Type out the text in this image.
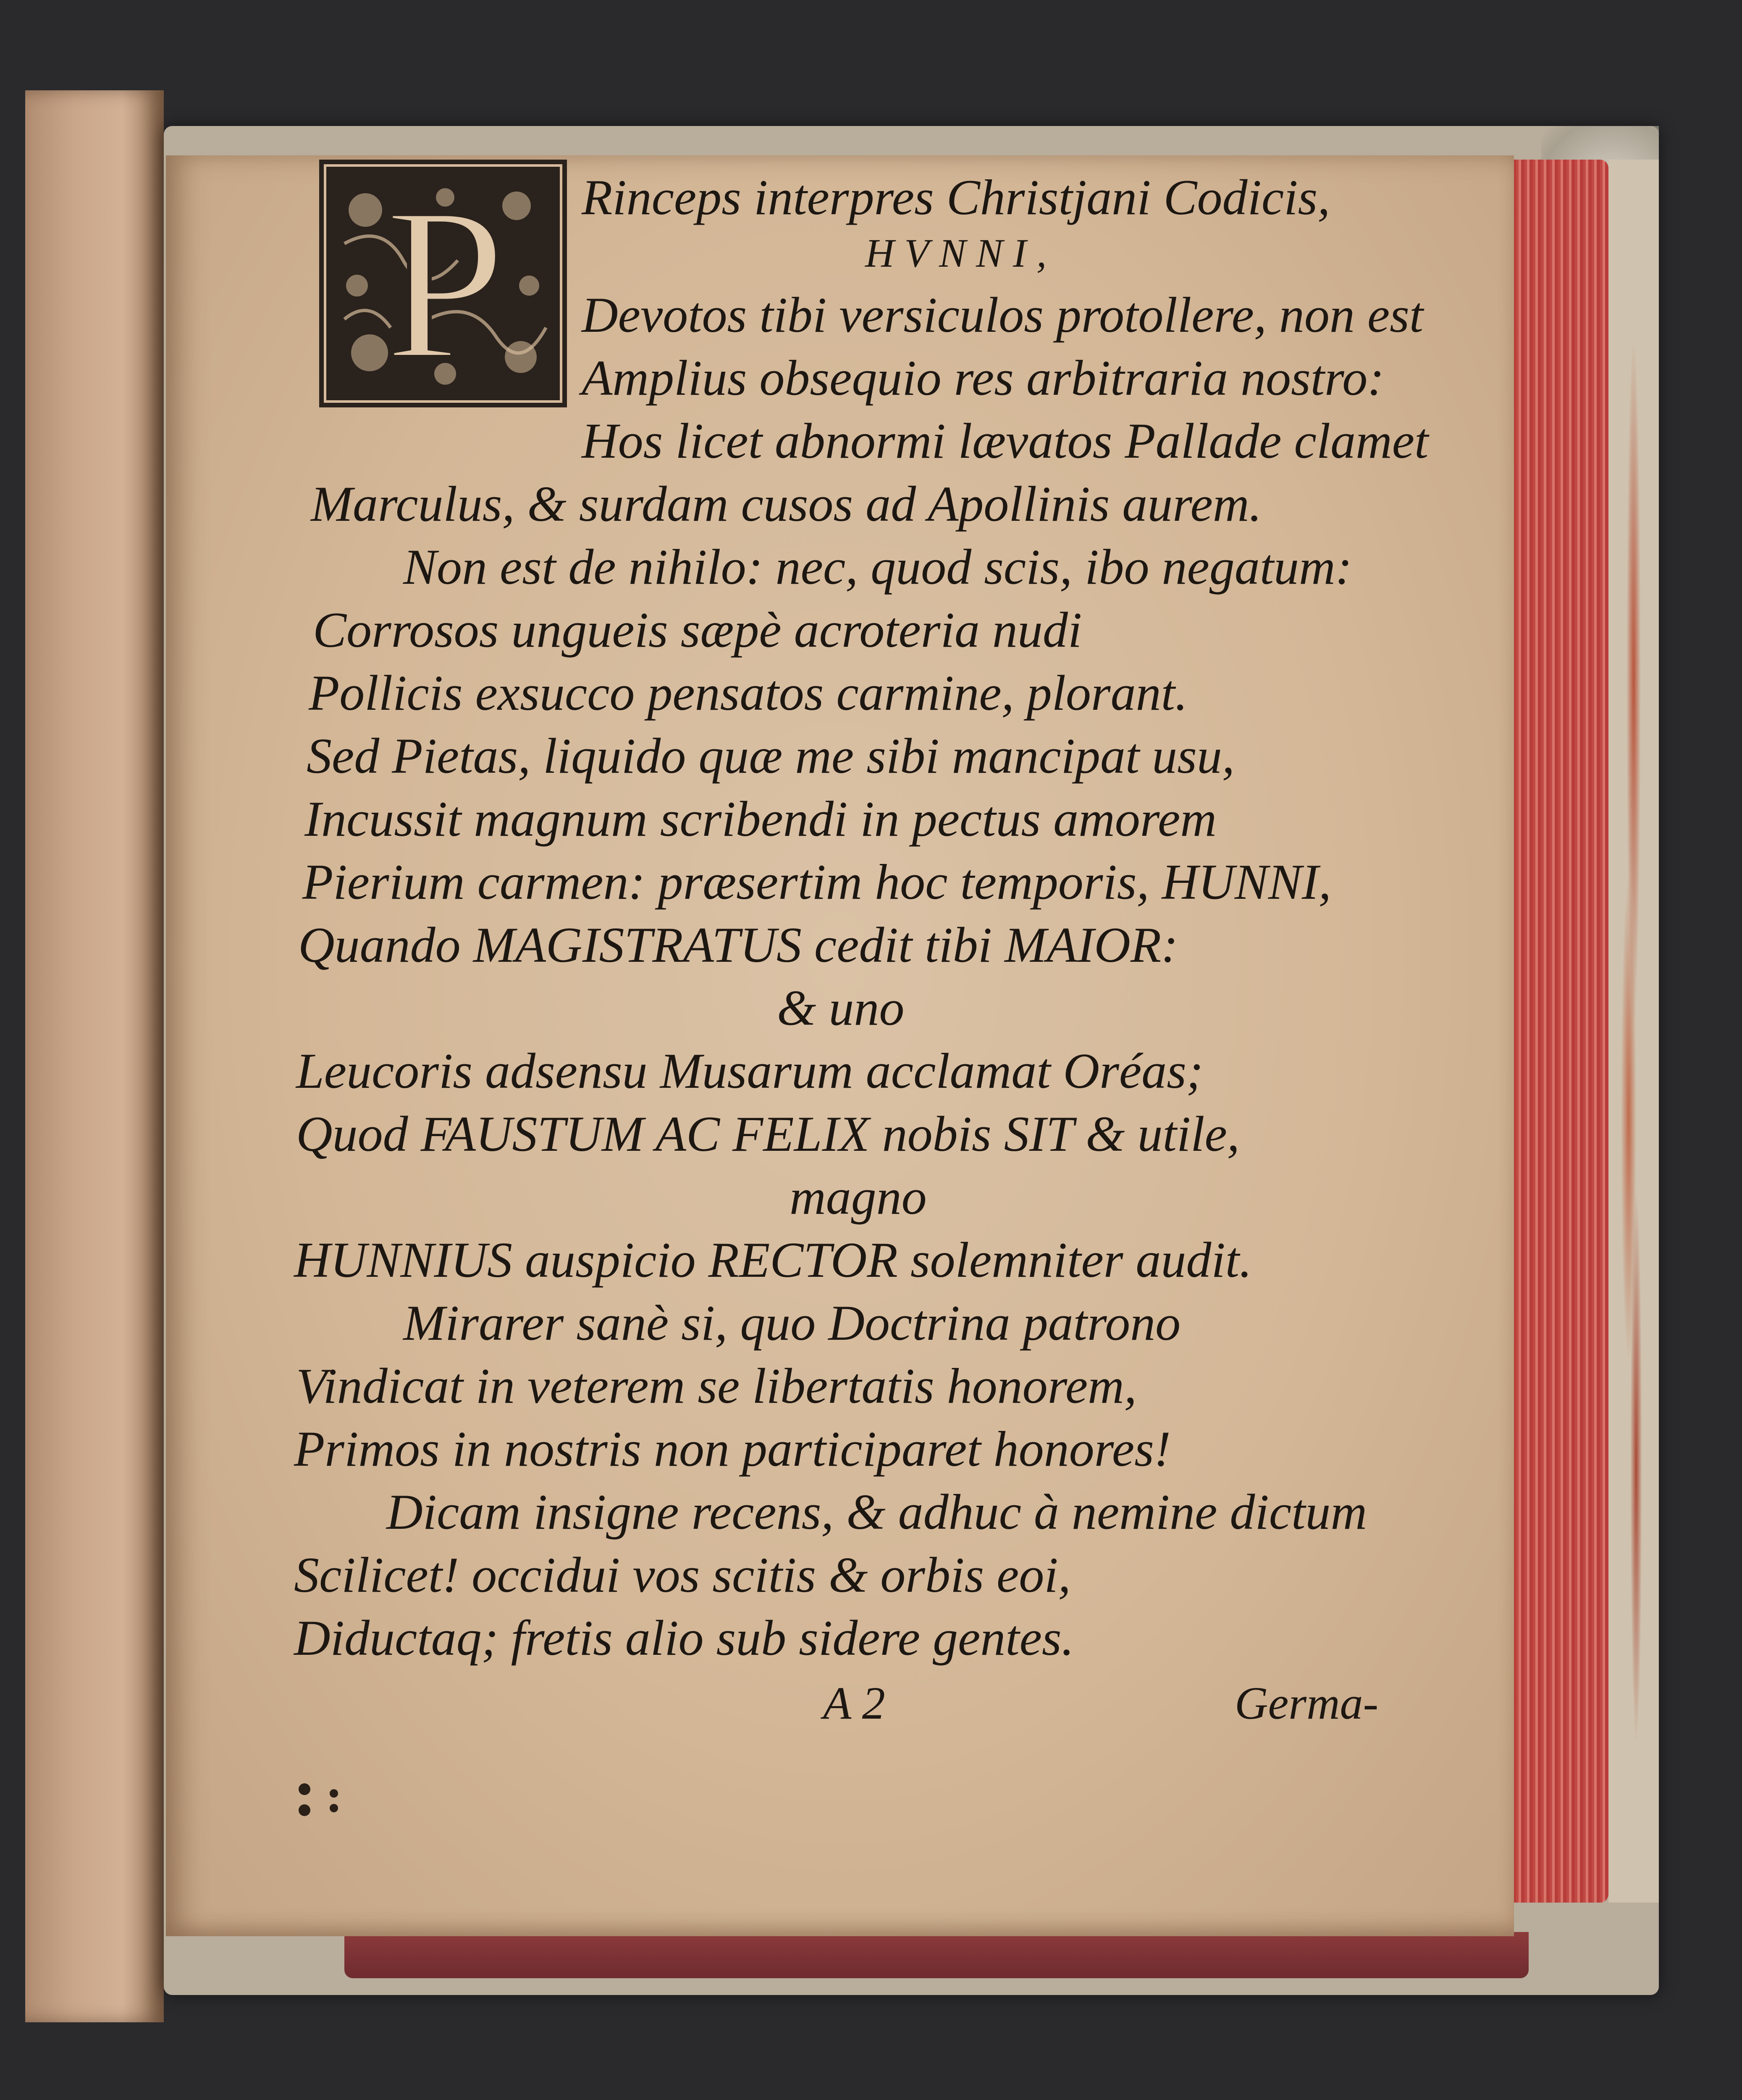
P Rinceps interpres Christjani Codicis,
HVNNI,
Devotos tibi versiculos protollere, non est
Amplius obsequio res arbitraria nostro:
Hos licet abnormi lævatos Pallade clamet
Marculus, & surdam cusos ad Apollinis aurem.
Non est de nihilo: nec, quod scis, ibo negatum:
Corrosos ungueis sæpè acroteria nudi
Pollicis exsucco pensatos carmine, plorant.
Sed Pietas, liquido quæ me sibi mancipat usu,
Incussit magnum scribendi in pectus amorem
Pierium carmen: præsertim hoc temporis, HUNNI,
Quando MAGISTRATUS cedit tibi MAIOR:
& uno
Leucoris adsensu Musarum acclamat Oréas;
Quod FAUSTUM AC FELIX nobis SIT & utile,
magno
HUNNIUS auspicio RECTOR solemniter audit.
Mirarer sanè si, quo Doctrina patrono
Vindicat in veterem se libertatis honorem,
Primos in nostris non participaret honores!
Dicam insigne recens, & adhuc à nemine dictum
Scilicet! occidui vos scitis & orbis eoi,
Diductaq; fretis alio sub sidere gentes.
A 2	Germa-
